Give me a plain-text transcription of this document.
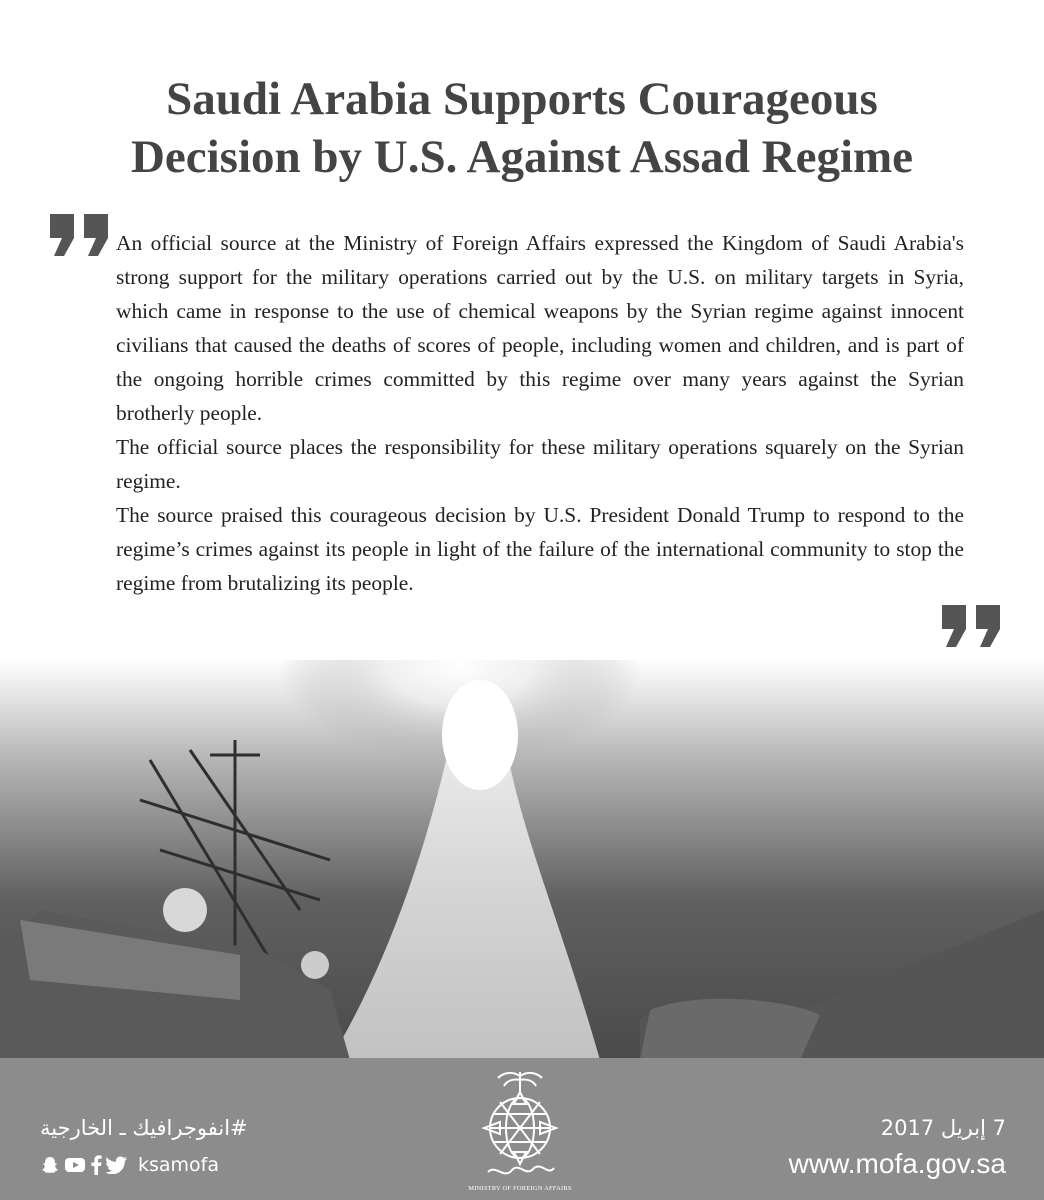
Saudi Arabia Supports Courageous
Decision by U.S. Against Assad Regime

An official source at the Ministry of Foreign Affairs expressed the Kingdom of Saudi Arabia's strong support for the military operations carried out by the U.S. on military targets in Syria, which came in response to the use of chemical weapons by the Syrian regime against innocent civilians that caused the deaths of scores of people, including women and children, and is part of the ongoing horrible crimes committed by this regime over many years against the Syrian brotherly people.

The official source places the responsibility for these military operations squarely on the Syrian regime.

The source praised this courageous decision by U.S. President Donald Trump to respond to the regime’s crimes against its people in light of the failure of the international community to stop the regime from brutalizing its people.

#انفوجرافيك ـ الخارجية
ksamofa
MINISTRY OF FOREIGN AFFAIRS
7 إبريل 2017
www.mofa.gov.sa
